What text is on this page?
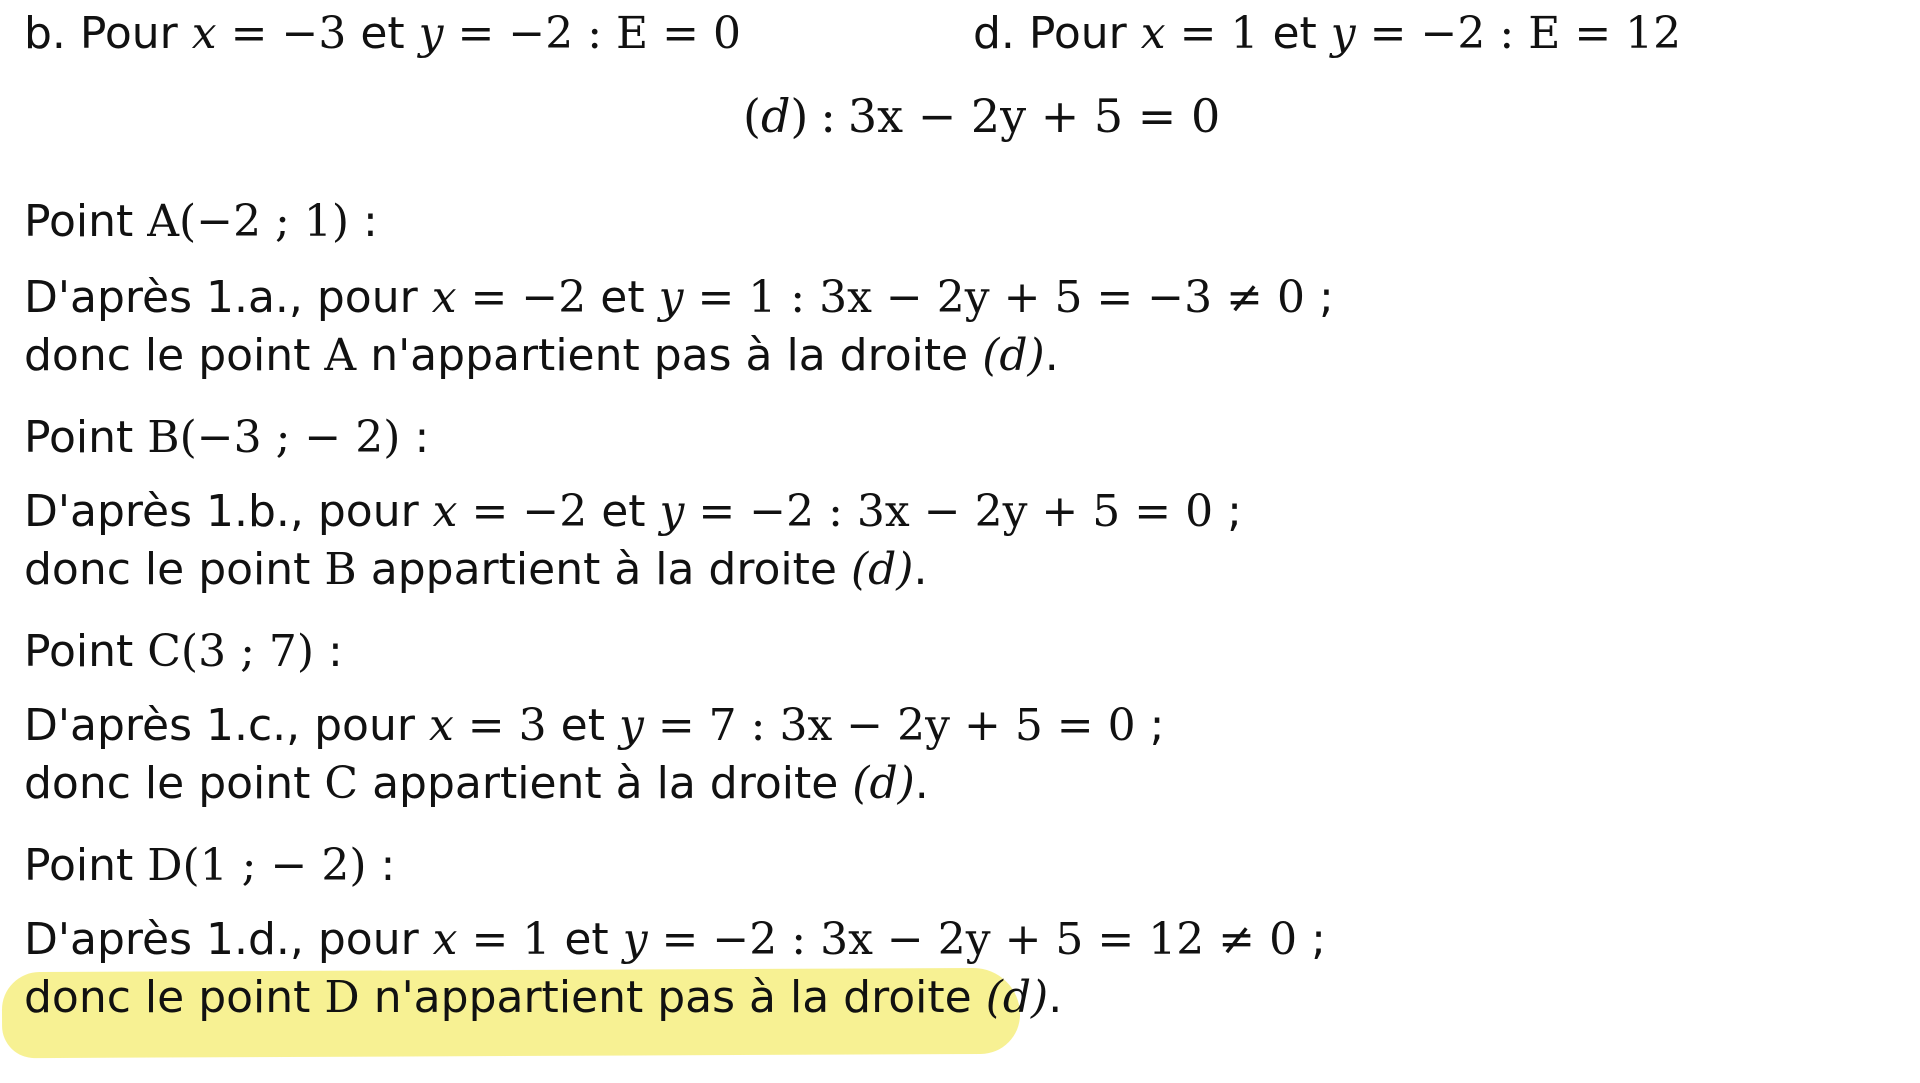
b. Pour x = −3 et y = −2 : E = 0	d. Pour x = 1 et y = −2 : E = 12
(d) : 3x − 2y + 5 = 0
Point A(−2 ; 1) :
D'après 1.a., pour x = −2 et y = 1 : 3x − 2y + 5 = −3 ≠ 0 ;
donc le point A n'appartient pas à la droite (d).
Point B(−3 ; − 2) :
D'après 1.b., pour x = −2 et y = −2 : 3x − 2y + 5 = 0 ;
donc le point B appartient à la droite (d).
Point C(3 ; 7) :
D'après 1.c., pour x = 3 et y = 7 : 3x − 2y + 5 = 0 ;
donc le point C appartient à la droite (d).
Point D(1 ; − 2) :
D'après 1.d., pour x = 1 et y = −2 : 3x − 2y + 5 = 12 ≠ 0 ;
donc le point D n'appartient pas à la droite (d).
